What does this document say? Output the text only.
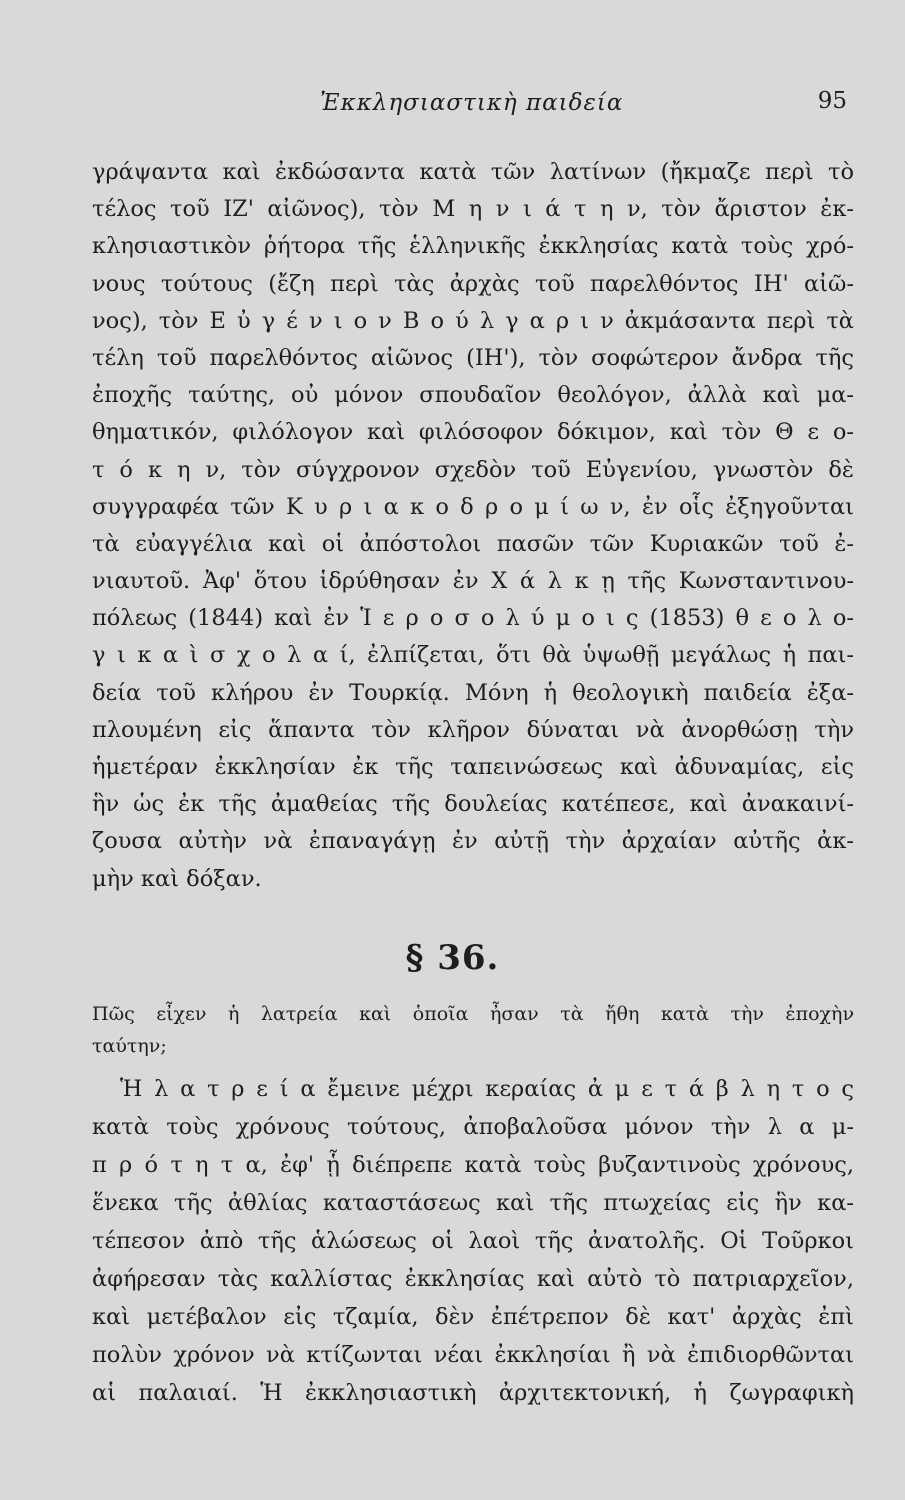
Ἐκκλησιαστικὴ παιδεία	95
γράψαντα καὶ ἐκδώσαντα κατὰ τῶν λατίνων (ἤκμαζε περὶ τὸ
τέλος τοῦ ΙΖ' αἰῶνος), τὸν Μ η ν ι ά τ η ν, τὸν ἄριστον ἐκ-
κλησιαστικὸν ῥήτορα τῆς ἑλληνικῆς ἐκκλησίας κατὰ τοὺς χρό-
νους τούτους (ἔζη περὶ τὰς ἀρχὰς τοῦ παρελθόντος ΙΗ' αἰῶ-
νος), τὸν Ε ὐ γ έ ν ι ο ν Β ο ύ λ γ α ρ ι ν ἀκμάσαντα περὶ τὰ
τέλη τοῦ παρελθόντος αἰῶνος (ΙΗ'), τὸν σοφώτερον ἄνδρα τῆς
ἐποχῆς ταύτης, οὐ μόνον σπουδαῖον θεολόγον, ἀλλὰ καὶ μα-
θηματικόν, φιλόλογον καὶ φιλόσοφον δόκιμον, καὶ τὸν Θ ε ο-
τ ό κ η ν, τὸν σύγχρονον σχεδὸν τοῦ Εὐγενίου, γνωστὸν δὲ
συγγραφέα τῶν Κ υ ρ ι α κ ο δ ρ ο μ ί ω ν, ἐν οἷς ἐξηγοῦνται
τὰ εὐαγγέλια καὶ οἱ ἀπόστολοι πασῶν τῶν Κυριακῶν τοῦ ἐ-
νιαυτοῦ. Ἀφ' ὅτου ἱδρύθησαν ἐν Χ ά λ κ ῃ τῆς Κωνσταντινου-
πόλεως (1844) καὶ ἐν Ἱ ε ρ ο σ ο λ ύ μ ο ι ς (1853) θ ε ο λ ο-
γ ι κ α ὶ σ χ ο λ α ί, ἐλπίζεται, ὅτι θὰ ὑψωθῇ μεγάλως ἡ παι-
δεία τοῦ κλήρου ἐν Τουρκίᾳ. Μόνη ἡ θεολογικὴ παιδεία ἐξα-
πλουμένη εἰς ἅπαντα τὸν κλῆρον δύναται νὰ ἀνορθώσῃ τὴν
ἡμετέραν ἐκκλησίαν ἐκ τῆς ταπεινώσεως καὶ ἀδυναμίας, εἰς
ἣν ὡς ἐκ τῆς ἀμαθείας τῆς δουλείας κατέπεσε, καὶ ἀνακαινί-
ζουσα αὐτὴν νὰ ἐπαναγάγῃ ἐν αὐτῇ τὴν ἀρχαίαν αὐτῆς ἀκ-
μὴν καὶ δόξαν.
§ 36.
Πῶς εἶχεν ἡ λατρεία καὶ ὁποῖα ἦσαν τὰ ἤθη κατὰ τὴν ἐποχὴν
ταύτην;
Ἡ λ α τ ρ ε ί α ἔμεινε μέχρι κεραίας ἀ μ ε τ ά β λ η τ ο ς
κατὰ τοὺς χρόνους τούτους, ἀποβαλοῦσα μόνον τὴν λ α μ-
π ρ ό τ η τ α, ἐφ' ᾗ διέπρεπε κατὰ τοὺς βυζαντινοὺς χρόνους,
ἕνεκα τῆς ἀθλίας καταστάσεως καὶ τῆς πτωχείας εἰς ἣν κα-
τέπεσον ἀπὸ τῆς ἁλώσεως οἱ λαοὶ τῆς ἀνατολῆς. Οἱ Τοῦρκοι
ἀφήρεσαν τὰς καλλίστας ἐκκλησίας καὶ αὐτὸ τὸ πατριαρχεῖον,
καὶ μετέβαλον εἰς τζαμία, δὲν ἐπέτρεπον δὲ κατ' ἀρχὰς ἐπὶ
πολὺν χρόνον νὰ κτίζωνται νέαι ἐκκλησίαι ἢ νὰ ἐπιδιορθῶνται
αἱ παλαιαί. Ἡ ἐκκλησιαστικὴ ἀρχιτεκτονική, ἡ ζωγραφικὴ
